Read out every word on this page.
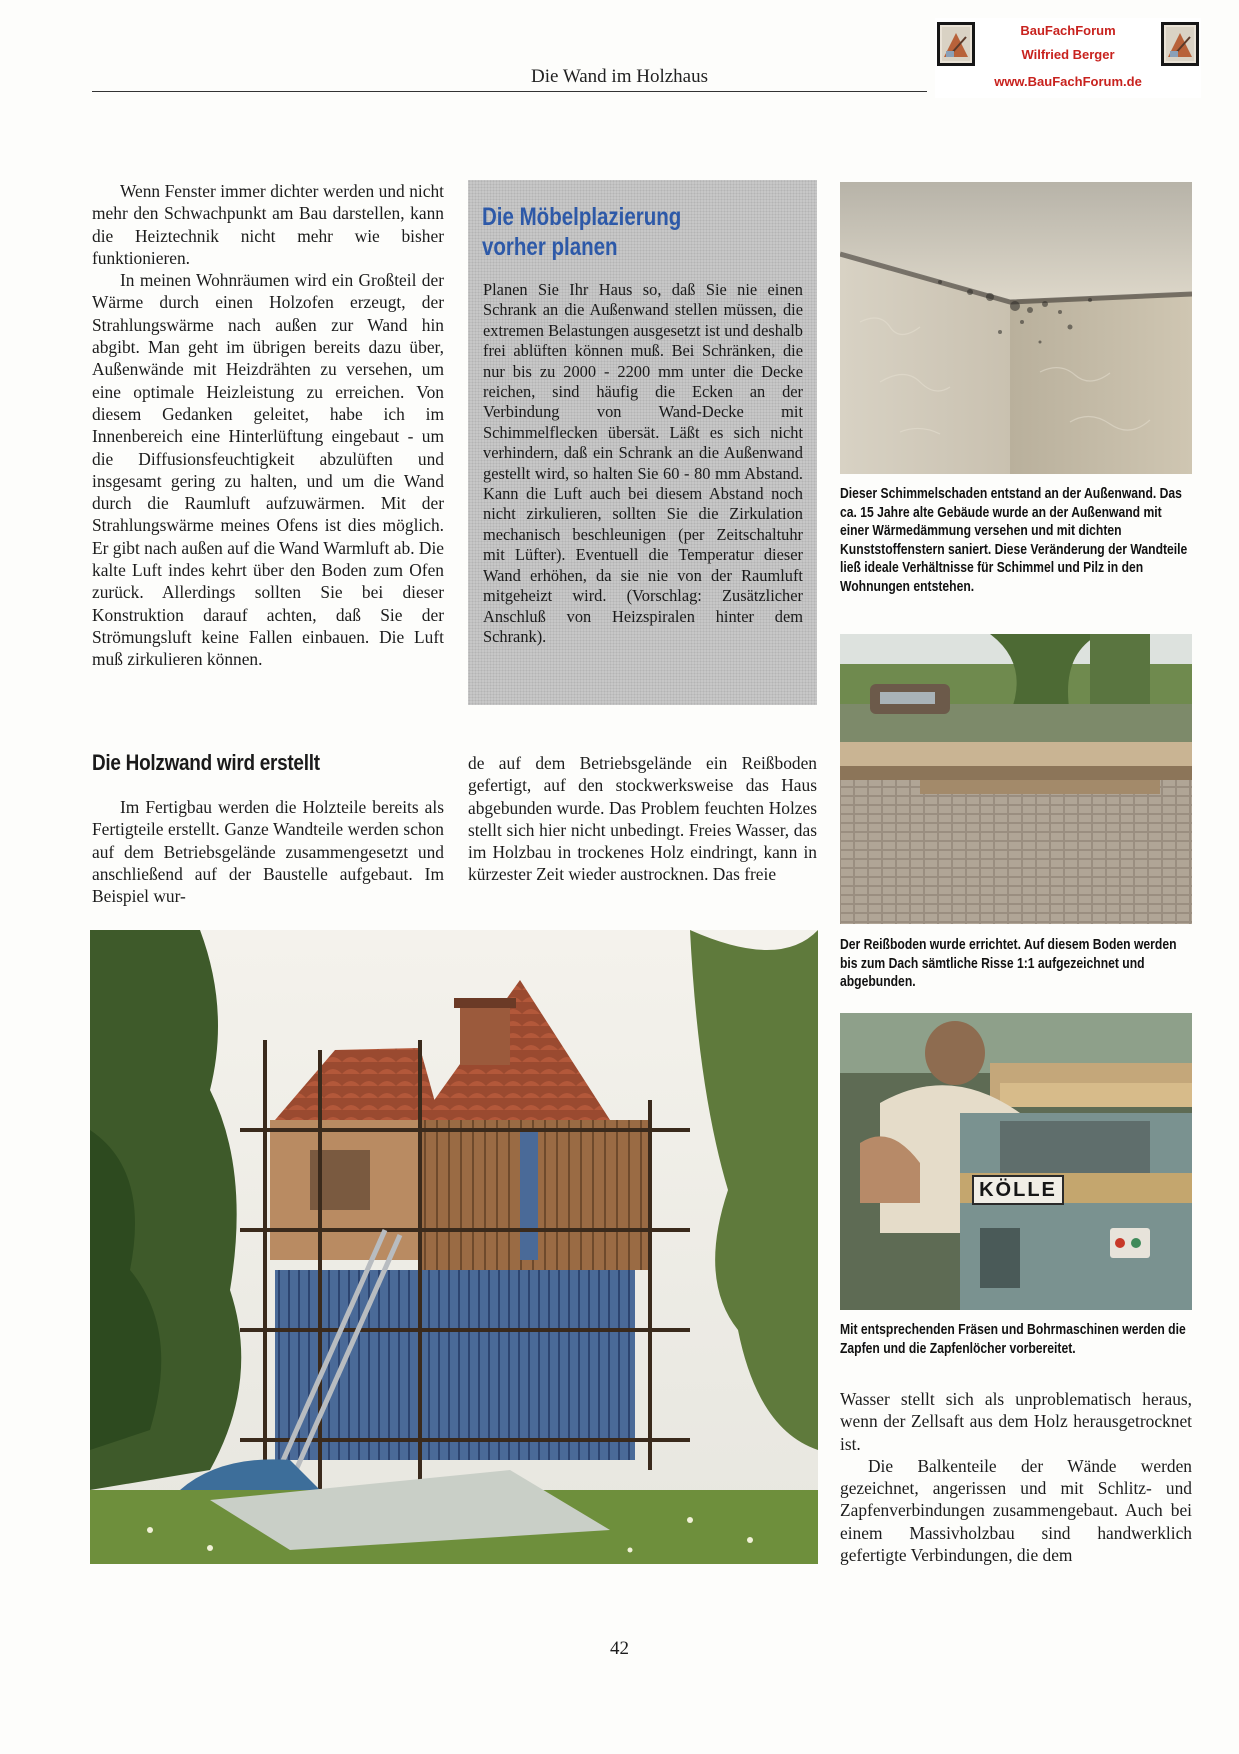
Die Wand im Holzhaus
BauFachForum
Wilfried Berger
www.BauFachForum.de

Wenn Fenster immer dichter werden und nicht mehr den Schwachpunkt am Bau darstellen, kann die Heiztechnik nicht mehr wie bisher funktionieren.

In meinen Wohnräumen wird ein Großteil der Wärme durch einen Holzofen erzeugt, der Strahlungswärme nach außen zur Wand hin abgibt. Man geht im übrigen bereits dazu über, Außenwände mit Heizdrähten zu versehen, um eine optimale Heizleistung zu erreichen. Von diesem Gedanken geleitet, habe ich im Innenbereich eine Hinterlüftung eingebaut - um die Diffusionsfeuchtigkeit abzulüften und insgesamt gering zu halten, und um die Wand durch die Raumluft aufzuwärmen. Mit der Strahlungswärme meines Ofens ist dies möglich. Er gibt nach außen auf die Wand Warmluft ab. Die kalte Luft indes kehrt über den Boden zum Ofen zurück. Allerdings sollten Sie bei dieser Konstruktion darauf achten, daß Sie der Strömungsluft keine Fallen einbauen. Die Luft muß zirkulieren können.

Die Möbelplazierung
vorher planen
Planen Sie Ihr Haus so, daß Sie nie einen Schrank an die Außenwand stellen müssen, die extremen Belastungen ausgesetzt ist und deshalb frei ablüften können muß. Bei Schränken, die nur bis zu 2000 - 2200 mm unter die Decke reichen, sind häufig die Ecken an der Verbindung von Wand-Decke mit Schimmelflecken übersät. Läßt es sich nicht verhindern, daß ein Schrank an die Außenwand gestellt wird, so halten Sie 60 - 80 mm Abstand. Kann die Luft auch bei diesem Abstand noch nicht zirkulieren, sollten Sie die Zirkulation mechanisch beschleunigen (per Zeitschaltuhr mit Lüfter). Eventuell die Temperatur dieser Wand erhöhen, da sie nie von der Raumluft mitgeheizt wird. (Vorschlag: Zusätzlicher Anschluß von Heizspiralen hinter dem Schrank).
Dieser Schimmelschaden entstand an der Außenwand. Das ca. 15 Jahre alte Gebäude wurde an der Außenwand mit einer Wärmedämmung versehen und mit dichten Kunststoffenstern saniert. Diese Veränderung der Wandteile ließ ideale Verhältnisse für Schimmel und Pilz in den Wohnungen entstehen.
Der Reißboden wurde errichtet. Auf diesem Boden werden bis zum Dach sämtliche Risse 1:1 aufgezeichnet und abgebunden.
KÖLLE
Mit entsprechenden Fräsen und Bohrmaschinen werden die Zapfen und die Zapfenlöcher vorbereitet.
Die Holzwand wird erstellt

Im Fertigbau werden die Holzteile bereits als Fertigteile erstellt. Ganze Wandteile werden schon auf dem Betriebsgelände zusammengesetzt und anschließend auf der Baustelle aufgebaut. Im Beispiel wur-

de auf dem Betriebsgelände ein Reißboden gefertigt, auf den stockwerksweise das Haus abgebunden wurde. Das Problem feuchten Holzes stellt sich hier nicht unbedingt. Freies Wasser, das im Holzbau in trockenes Holz eindringt, kann in kürzester Zeit wieder austrocknen. Das freie

Wasser stellt sich als unproblematisch heraus, wenn der Zellsaft aus dem Holz herausgetrocknet ist.

Die Balkenteile der Wände werden gezeichnet, angerissen und mit Schlitz- und Zapfenverbindungen zusammengebaut. Auch bei einem Massivholzbau sind handwerklich gefertigte Verbindungen, die dem

42
